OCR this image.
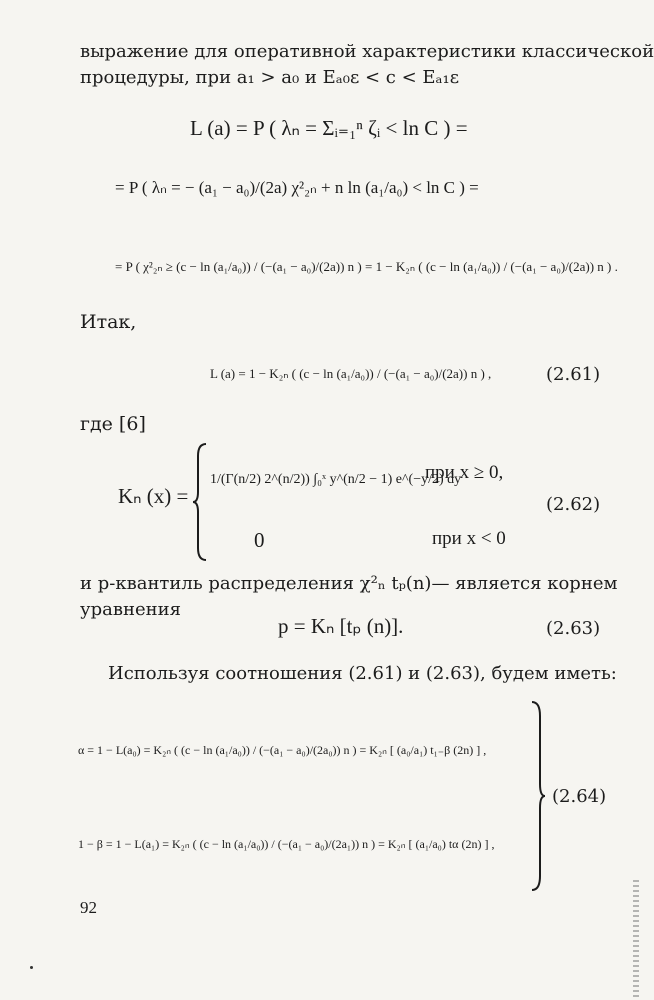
выражение для оперативной характеристики классической
процедуры, при a₁ > a₀ и Eₐ₀ε < c < Eₐ₁ε
L (a) = P ( λₙ = Σᵢ₌₁ⁿ ζᵢ < ln C ) =
= P ( λₙ = − (a₁ − a₀)/(2a) χ²₂ₙ + n ln (a₁/a₀) < ln C ) =
= P ( χ²₂ₙ ≥ (c − ln (a₁/a₀)) / (−(a₁ − a₀)/(2a)) n ) = 1 − K₂ₙ ( (c − ln (a₁/a₀)) / (−(a₁ − a₀)/(2a)) n ) .
Итак,
L (a) = 1 − K₂ₙ ( (c − ln (a₁/a₀)) / (−(a₁ − a₀)/(2a)) n ) ,	(2.61)
где [6]
Kₙ (x) =
1/(Γ(n/2) 2^(n/2)) ∫₀ˣ y^(n/2 − 1) e^(−y/2) dy
при x ≥ 0,
0	при x < 0
(2.62)
и p-квантиль распределения χ²ₙ tₚ(n)— является корнем
уравнения
p = Kₙ [tₚ (n)].	(2.63)
Используя соотношения (2.61) и (2.63), будем иметь:
α = 1 − L(a₀) = K₂ₙ ( (c − ln (a₁/a₀)) / (−(a₁ − a₀)/(2a₀)) n ) = K₂ₙ [ (a₀/a₁) t₁₋β (2n) ] ,
1 − β = 1 − L(a₁) = K₂ₙ ( (c − ln (a₁/a₀)) / (−(a₁ − a₀)/(2a₁)) n ) = K₂ₙ [ (a₁/a₀) tα (2n) ] ,
(2.64)
92
